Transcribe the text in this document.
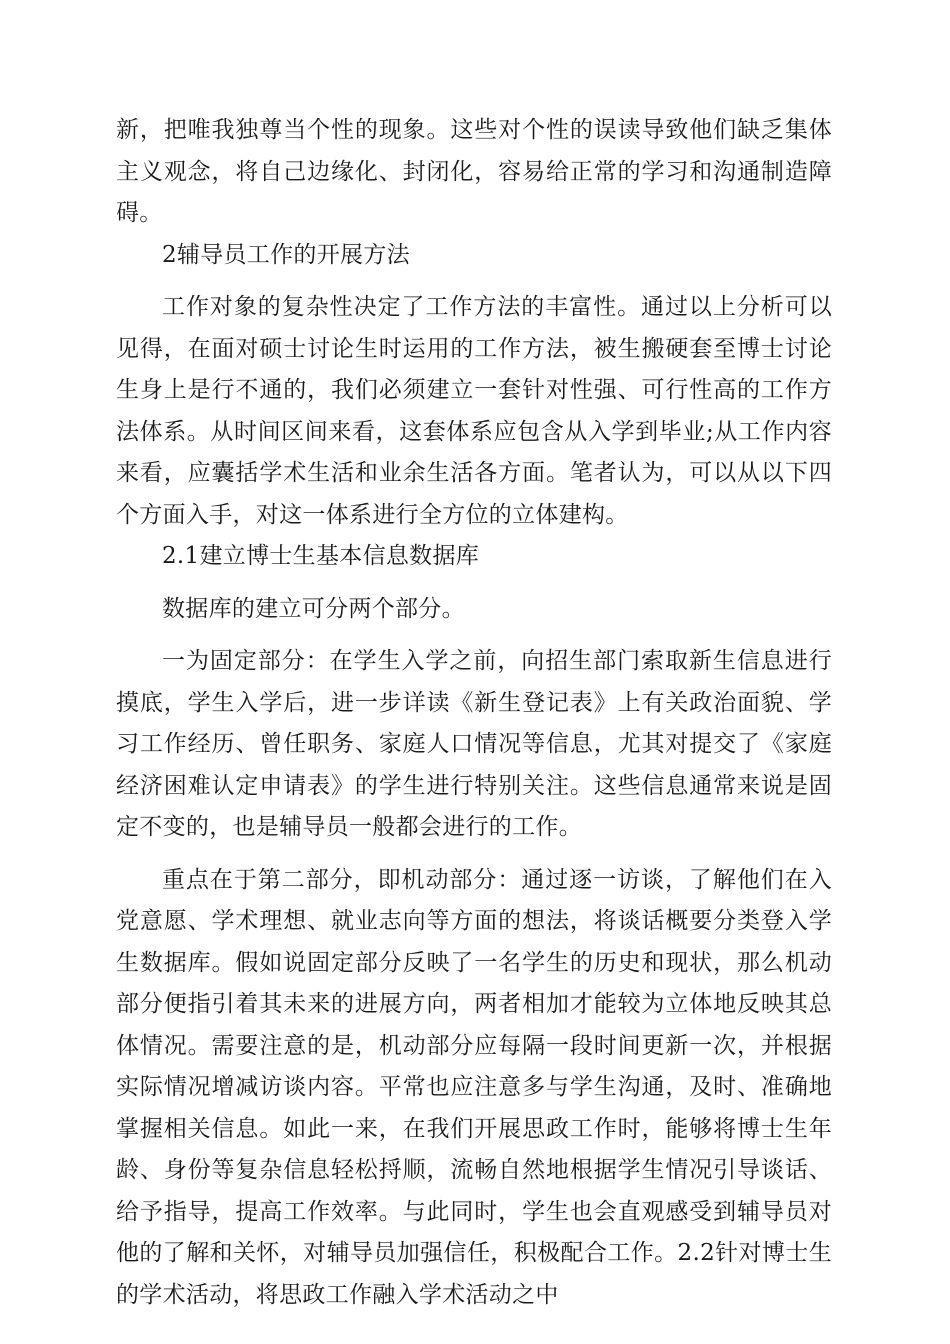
新，把唯我独尊当个性的现象。这些对个性的误读导致他们缺乏集体主义观念，将自己边缘化、封闭化，容易给正常的学习和沟通制造障碍。

2辅导员工作的开展方法

工作对象的复杂性决定了工作方法的丰富性。通过以上分析可以见得，在面对硕士讨论生时运用的工作方法，被生搬硬套至博士讨论生身上是行不通的，我们必须建立一套针对性强、可行性高的工作方法体系。从时间区间来看，这套体系应包含从入学到毕业;从工作内容来看，应囊括学术生活和业余生活各方面。笔者认为，可以从以下四个方面入手，对这一体系进行全方位的立体建构。

2.1建立博士生基本信息数据库

数据库的建立可分两个部分。

一为固定部分：在学生入学之前，向招生部门索取新生信息进行摸底，学生入学后，进一步详读《新生登记表》上有关政治面貌、学习工作经历、曾任职务、家庭人口情况等信息，尤其对提交了《家庭经济困难认定申请表》的学生进行特别关注。这些信息通常来说是固定不变的，也是辅导员一般都会进行的工作。

重点在于第二部分，即机动部分：通过逐一访谈，了解他们在入党意愿、学术理想、就业志向等方面的想法，将谈话概要分类登入学生数据库。假如说固定部分反映了一名学生的历史和现状，那么机动部分便指引着其未来的进展方向，两者相加才能较为立体地反映其总体情况。需要注意的是，机动部分应每隔一段时间更新一次，并根据实际情况增减访谈内容。平常也应注意多与学生沟通，及时、准确地掌握相关信息。如此一来，在我们开展思政工作时，能够将博士生年龄、身份等复杂信息轻松捋顺，流畅自然地根据学生情况引导谈话、给予指导，提高工作效率。与此同时，学生也会直观感受到辅导员对他的了解和关怀，对辅导员加强信任，积极配合工作。2.2针对博士生的学术活动，将思政工作融入学术活动之中
